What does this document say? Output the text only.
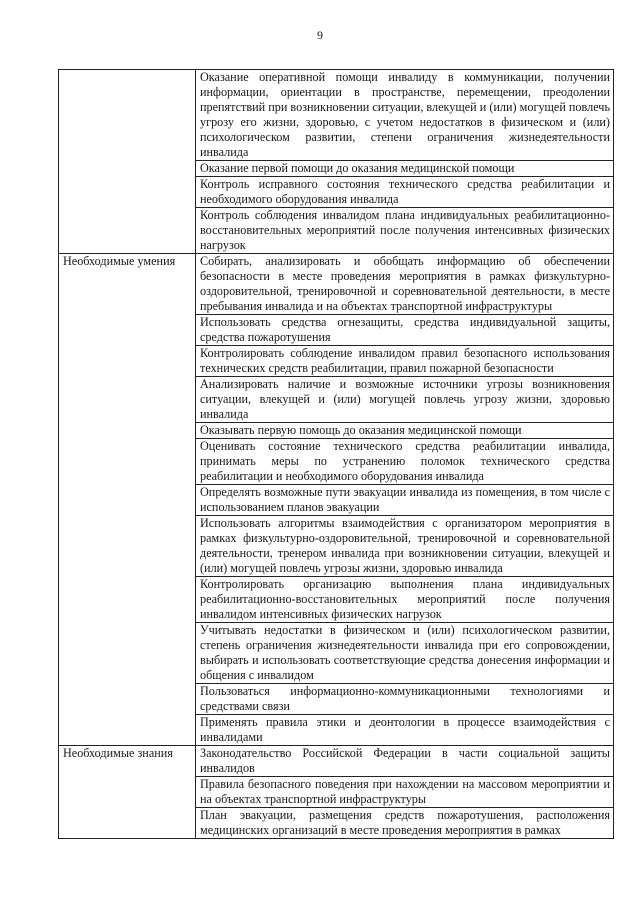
9
	Оказание оперативной помощи инвалиду в коммуникации, получении информации, ориентации в пространстве, перемещении, преодолении препятствий при возникновении ситуации, влекущей и (или) могущей повлечь угрозу его жизни, здоровью, с учетом недостатков в физическом и (или) психологическом развитии, степени ограничения жизнедеятельности инвалида
	Оказание первой помощи до оказания медицинской помощи
	Контроль исправного состояния технического средства реабилитации и необходимого оборудования инвалида
	Контроль соблюдения инвалидом плана индивидуальных реабилитационно-восстановительных мероприятий после получения интенсивных физических нагрузок
Необходимые умения	Собирать, анализировать и обобщать информацию об обеспечении безопасности в месте проведения мероприятия в рамках физкультурно-оздоровительной, тренировочной и соревновательной деятельности, в месте пребывания инвалида и на объектах транспортной инфраструктуры
	Использовать средства огнезащиты, средства индивидуальной защиты, средства пожаротушения
	Контролировать соблюдение инвалидом правил безопасного использования технических средств реабилитации, правил пожарной безопасности
	Анализировать наличие и возможные источники угрозы возникновения ситуации, влекущей и (или) могущей повлечь угрозу жизни, здоровью инвалида
	Оказывать первую помощь до оказания медицинской помощи
	Оценивать состояние технического средства реабилитации инвалида, принимать меры по устранению поломок технического средства реабилитации и необходимого оборудования инвалида
	Определять возможные пути эвакуации инвалида из помещения, в том числе с использованием планов эвакуации
	Использовать алгоритмы взаимодействия с организатором мероприятия в рамках физкультурно-оздоровительной, тренировочной и соревновательной деятельности, тренером инвалида при возникновении ситуации, влекущей и (или) могущей повлечь угрозы жизни, здоровью инвалида
	Контролировать организацию выполнения плана индивидуальных реабилитационно-восстановительных мероприятий после получения инвалидом интенсивных физических нагрузок
	Учитывать недостатки в физическом и (или) психологическом развитии, степень ограничения жизнедеятельности инвалида при его сопровождении, выбирать и использовать соответствующие средства донесения информации и общения с инвалидом
	Пользоваться информационно-коммуникационными технологиями и средствами связи
	Применять правила этики и деонтологии в процессе взаимодействия с инвалидами
Необходимые знания	Законодательство Российской Федерации в части социальной защиты инвалидов
	Правила безопасного поведения при нахождении на массовом мероприятии и на объектах транспортной инфраструктуры
	План эвакуации, размещения средств пожаротушения, расположения медицинских организаций в месте проведения мероприятия в рамках
